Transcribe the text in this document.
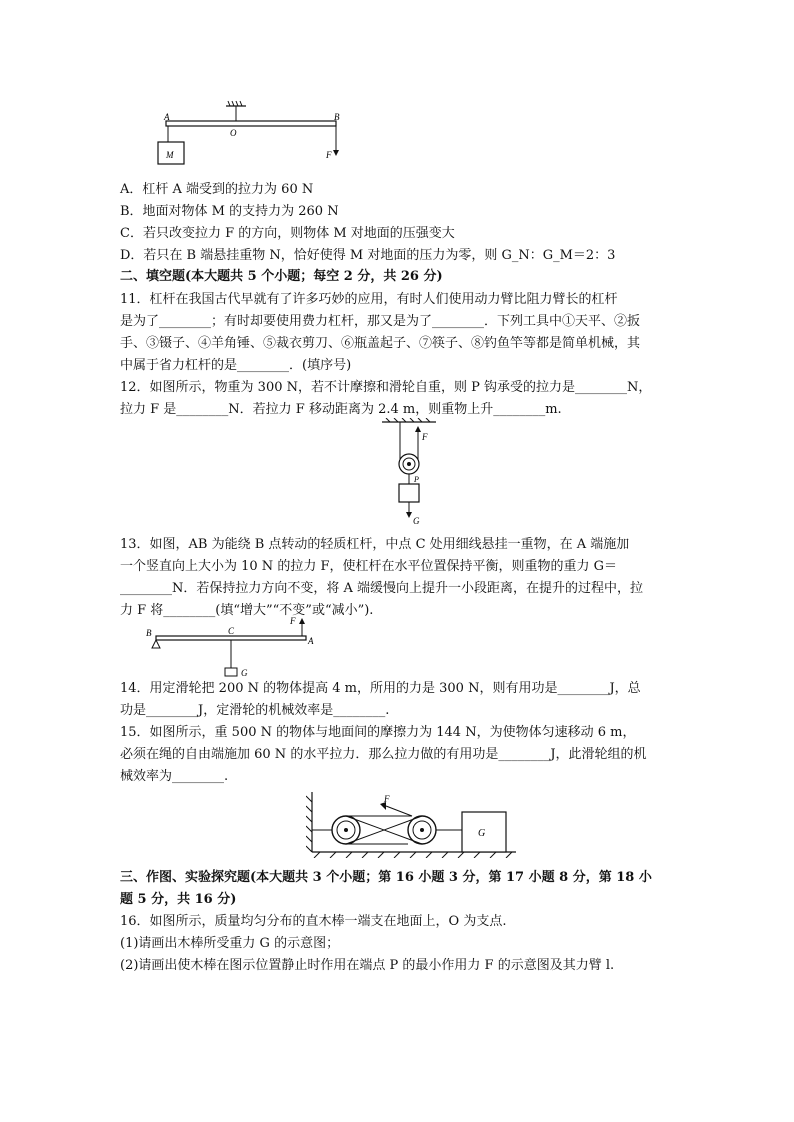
A	B
O
M	F
A．杠杆 A 端受到的拉力为 60 N
B．地面对物体 M 的支持力为 260 N
C．若只改变拉力 F 的方向，则物体 M 对地面的压强变大
D．若只在 B 端悬挂重物 N，恰好使得 M 对地面的压力为零，则 G_N：G_M＝2：3
二、填空题(本大题共 5 个小题；每空 2 分，共 26 分)
11．杠杆在我国古代早就有了许多巧妙的应用，有时人们使用动力臂比阻力臂长的杠杆
是为了________；有时却要使用费力杠杆，那又是为了________．下列工具中①天平、②扳
手、③镊子、④羊角锤、⑤裁衣剪刀、⑥瓶盖起子、⑦筷子、⑧钓鱼竿等都是简单机械，其
中属于省力杠杆的是________．(填序号)
12．如图所示，物重为 300 N，若不计摩擦和滑轮自重，则 P 钩承受的拉力是________N，
拉力 F 是________N．若拉力 F 移动距离为 2.4 m，则重物上升________m.
F
P
G
13．如图，AB 为能绕 B 点转动的轻质杠杆，中点 C 处用细线悬挂一重物，在 A 端施加
一个竖直向上大小为 10 N 的拉力 F，使杠杆在水平位置保持平衡，则重物的重力 G＝
________N．若保持拉力方向不变，将 A 端缓慢向上提升一小段距离，在提升的过程中，拉
力 F 将________(填“增大”“不变”或“减小”).
B	C
A
F
G
14．用定滑轮把 200 N 的物体提高 4 m，所用的力是 300 N，则有用功是________J，总
功是________J，定滑轮的机械效率是________.
15．如图所示，重 500 N 的物体与地面间的摩擦力为 144 N，为使物体匀速移动 6 m，
必须在绳的自由端施加 60 N 的水平拉力．那么拉力做的有用功是________J，此滑轮组的机
械效率为________.
F
G
三、作图、实验探究题(本大题共 3 个小题；第 16 小题 3 分，第 17 小题 8 分，第 18 小
题 5 分，共 16 分)
16．如图所示，质量均匀分布的直木棒一端支在地面上，O 为支点.
(1)请画出木棒所受重力 G 的示意图；
(2)请画出使木棒在图示位置静止时作用在端点 P 的最小作用力 F 的示意图及其力臂 l.
